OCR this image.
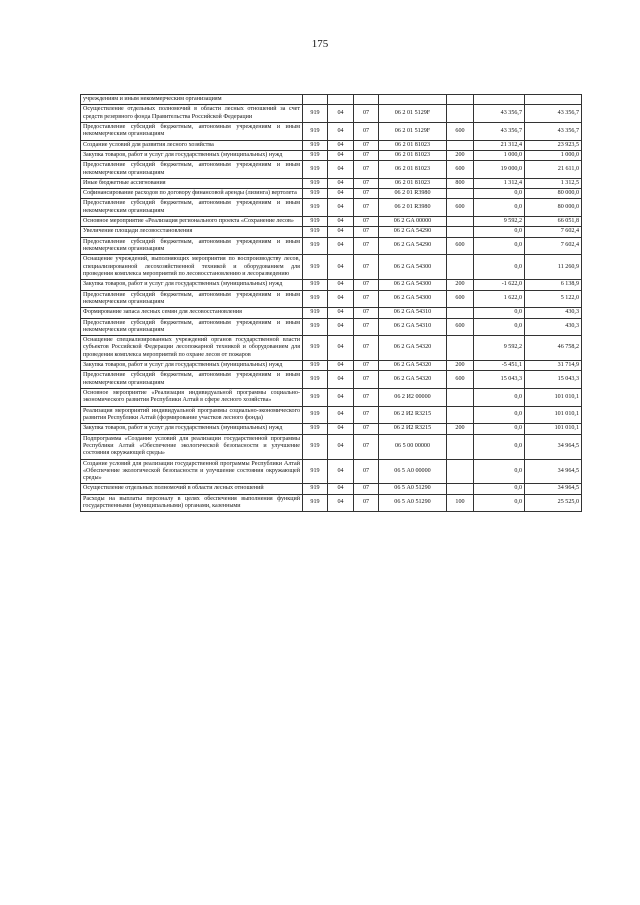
175
учреждениям и иным некоммерческим организациям							
Осуществление отдельных полномочий в области лесных отношений за счет средств резервного фонда Правительства Российской Федерации	919	04	07	06 2 01 5129F		43 356,7	43 356,7
Предоставление субсидий бюджетным, автономным учреждениям и иным некоммерческим организациям	919	04	07	06 2 01 5129F	600	43 356,7	43 356,7
Создание условий для развития лесного хозяйства	919	04	07	06 2 01 81023		21 312,4	23 923,5
Закупка товаров, работ и услуг для государственных (муниципальных) нужд	919	04	07	06 2 01 81023	200	1 000,0	1 000,0
Предоставление субсидий бюджетным, автономным учреждениям и иным некоммерческим организациям	919	04	07	06 2 01 81023	600	19 000,0	21 611,0
Иные бюджетные ассигнования	919	04	07	06 2 01 81023	800	1 312,4	1 312,5
Софинансирование расходов по договору финансовой аренды (лизинга) вертолета	919	04	07	06 2 01 R3980		0,0	80 000,0
Предоставление субсидий бюджетным, автономным учреждениям и иным некоммерческим организациям	919	04	07	06 2 01 R3980	600	0,0	80 000,0
Основное мероприятие «Реализация регионального проекта «Сохранение лесов»	919	04	07	06 2 GA 00000		9 592,2	66 051,8
Увеличение площади лесовосстановления	919	04	07	06 2 GA 54290		0,0	7 602,4
Предоставление субсидий бюджетным, автономным учреждениям и иным некоммерческим организациям	919	04	07	06 2 GA 54290	600	0,0	7 602,4
Оснащение учреждений, выполняющих мероприятия по воспроизводству лесов, специализированной лесохозяйственной техникой и оборудованием для проведения комплекса мероприятий по лесовосстановлению и лесоразведению	919	04	07	06 2 GA 54300		0,0	11 260,9
Закупка товаров, работ и услуг для государственных (муниципальных) нужд	919	04	07	06 2 GA 54300	200	-1 622,0	6 138,9
Предоставление субсидий бюджетным, автономным учреждениям и иным некоммерческим организациям	919	04	07	06 2 GA 54300	600	1 622,0	5 122,0
Формирование запаса лесных семян для лесовосстановления	919	04	07	06 2 GA 54310		0,0	430,3
Предоставление субсидий бюджетным, автономным учреждениям и иным некоммерческим организациям	919	04	07	06 2 GA 54310	600	0,0	430,3
Оснащение специализированных учреждений органов государственной власти субъектов Российской Федерации лесопожарной техникой и оборудованием для проведения комплекса мероприятий по охране лесов от пожаров	919	04	07	06 2 GA 54320		9 592,2	46 758,2
Закупка товаров, работ и услуг для государственных (муниципальных) нужд	919	04	07	06 2 GA 54320	200	-5 451,1	31 714,9
Предоставление субсидий бюджетным, автономным учреждениям и иным некоммерческим организациям	919	04	07	06 2 GA 54320	600	15 043,3	15 043,3
Основное мероприятие «Реализация индивидуальной программы социально-экономического развития Республики Алтай в сфере лесного хозяйства»	919	04	07	06 2 И2 00000		0,0	101 010,1
Реализация мероприятий индивидуальной программы социально-экономического развития Республики Алтай (формирование участков лесного фонда)	919	04	07	06 2 И2 R3215		0,0	101 010,1
Закупка товаров, работ и услуг для государственных (муниципальных) нужд	919	04	07	06 2 И2 R3215	200	0,0	101 010,1
Подпрограмма «Создание условий для реализации государственной программы Республики Алтай «Обеспечение экологической безопасности и улучшение состояния окружающей среды»	919	04	07	06 5 00 00000		0,0	34 964,5
Создание условий для реализации государственной программы Республики Алтай «Обеспечение экологической безопасности и улучшение состояния окружающей среды»	919	04	07	06 5 А0 00000		0,0	34 964,5
Осуществление отдельных полномочий в области лесных отношений	919	04	07	06 5 А0 51290		0,0	34 964,5
Расходы на выплаты персоналу в целях обеспечения выполнения функций государственными (муниципальными) органами, казенными	919	04	07	06 5 А0 51290	100	0,0	25 525,0
